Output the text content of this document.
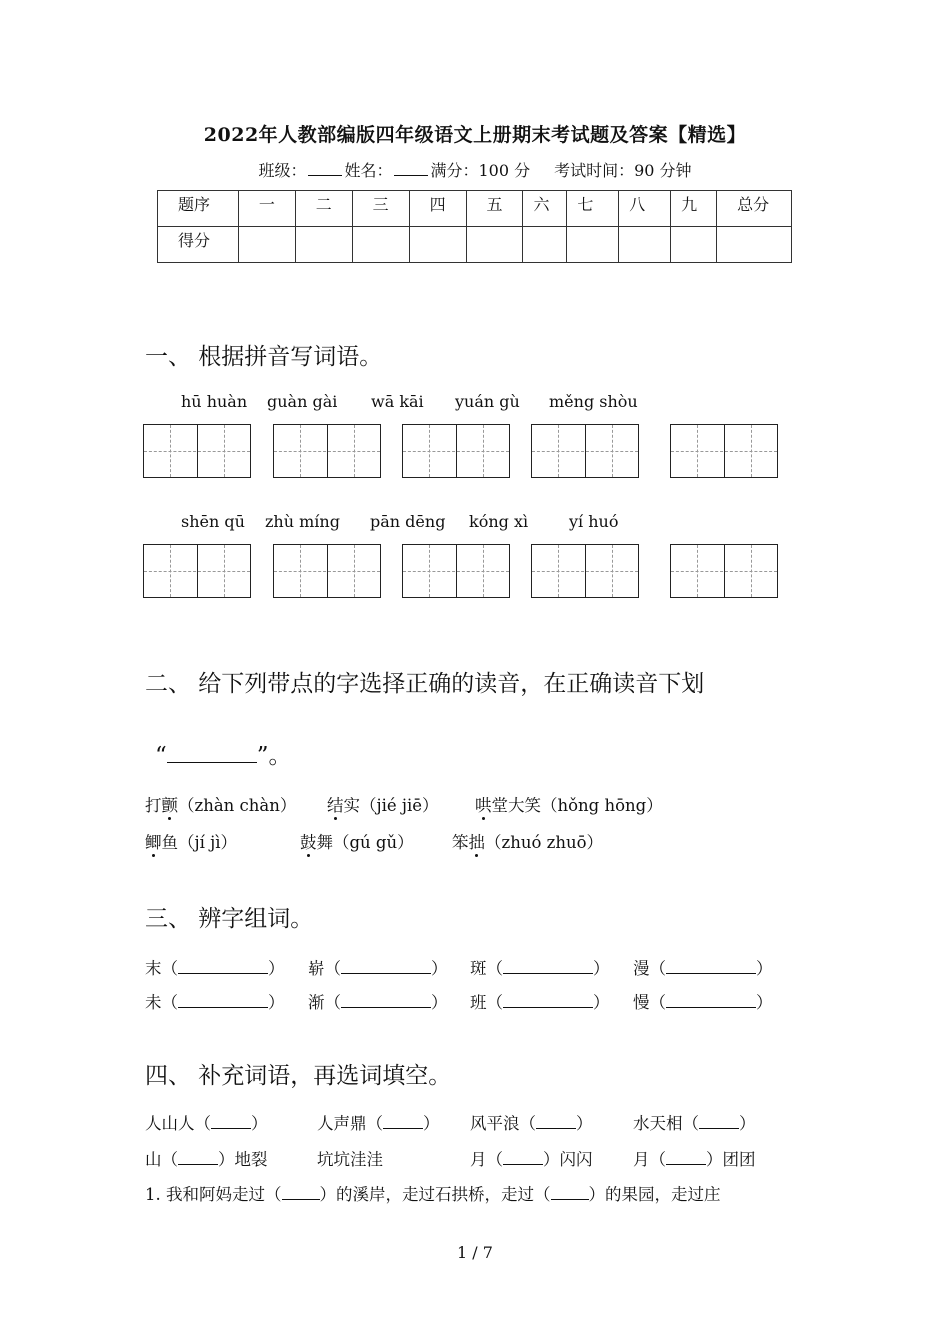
2022年人教部编版四年级语文上册期末考试题及答案【精选】
班级： 姓名： 满分：100 分 考试时间：90 分钟
题序	一	二	三	四	五	六	七	八	九	总分
得分										
一、 根据拼音写词语。
hū huàn guàn gài wā kāi yuán gù měng shòu
shēn qū zhù míng pān dēng kóng xì	yí huó
二、 给下列带点的字选择正确的读音，在正确读音下划
“	”。
打颤（zhàn chàn） 结实（jié jiē） 哄堂大笑（hǒng hōng）
鲫鱼（jí jì）	鼓舞（gú gǔ） 笨拙（zhuó zhuō）
三、 辨字组词。
末（	） 崭（	） 斑（	） 漫（	）
未（	） 渐（	） 班（	） 慢（	）
四、 补充词语，再选词填空。
人山人（ ）	人声鼎（ ） 风平浪（ ） 水天相（ ）
山（ ）地裂	坑坑洼洼	月（ ）闪闪 月（ ）团团
1. 我和阿妈走过（ ）的溪岸，走过石拱桥，走过（ ）的果园，走过庄
1 / 7
